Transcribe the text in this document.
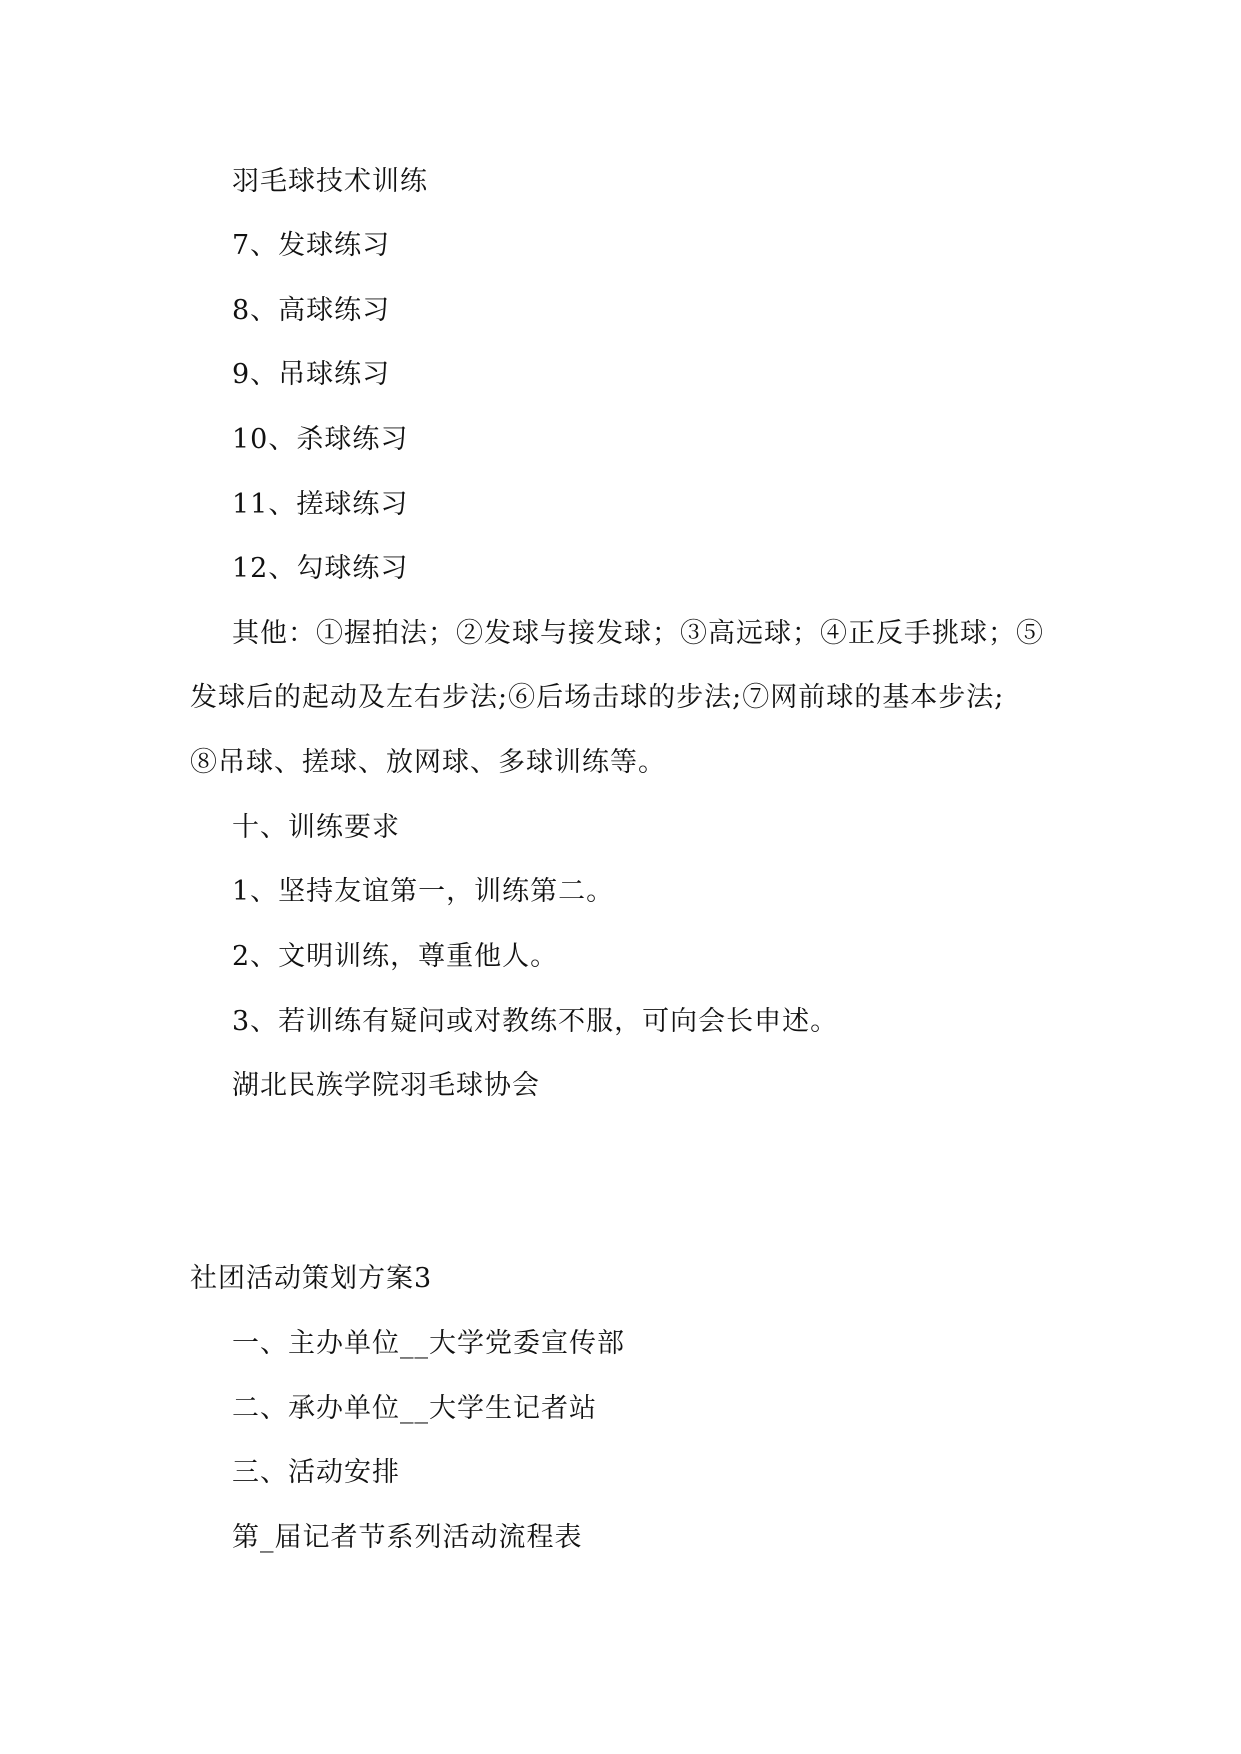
羽毛球技术训练
7、发球练习
8、高球练习
9、吊球练习
10、杀球练习
11、搓球练习
12、勾球练习
其他：①握拍法；②发球与接发球；③高远球；④正反手挑球；⑤
发球后的起动及左右步法;⑥后场击球的步法;⑦网前球的基本步法;
⑧吊球、搓球、放网球、多球训练等。
十、训练要求
1、坚持友谊第一，训练第二。
2、文明训练，尊重他人。
3、若训练有疑问或对教练不服，可向会长申述。
湖北民族学院羽毛球协会
社团活动策划方案3
一、主办单位__大学党委宣传部
二、承办单位__大学生记者站
三、活动安排
第_届记者节系列活动流程表
